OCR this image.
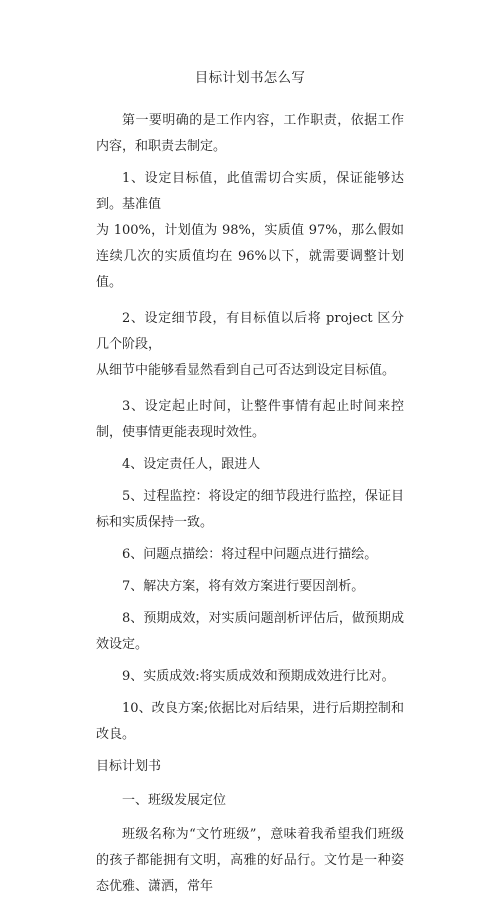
目标计划书怎么写

第一要明确的是工作内容，工作职责，依据工作内容，和职责去制定。

1、设定目标值，此值需切合实质，保证能够达到。基准值

为 100%，计划值为 98%，实质值 97%，那么假如连续几次的实质值均在 96%以下，就需要调整计划值。

2、设定细节段，有目标值以后将 project 区分几个阶段，

从细节中能够看显然看到自己可否达到设定目标值。

3、设定起止时间，让整件事情有起止时间来控制，使事情更能表现时效性。

4、设定责任人，跟进人

5、过程监控：将设定的细节段进行监控，保证目标和实质保持一致。

6、问题点描绘：将过程中问题点进行描绘。

7、解决方案，将有效方案进行要因剖析。

8、预期成效，对实质问题剖析评估后，做预期成效设定。

9、实质成效:将实质成效和预期成效进行比对。

10、改良方案;依据比对后结果，进行后期控制和改良。

目标计划书
一、班级发展定位

班级名称为“文竹班级”，意味着我希望我们班级的孩子都能拥有文明，高雅的好品行。文竹是一种姿态优雅、潇洒，常年
